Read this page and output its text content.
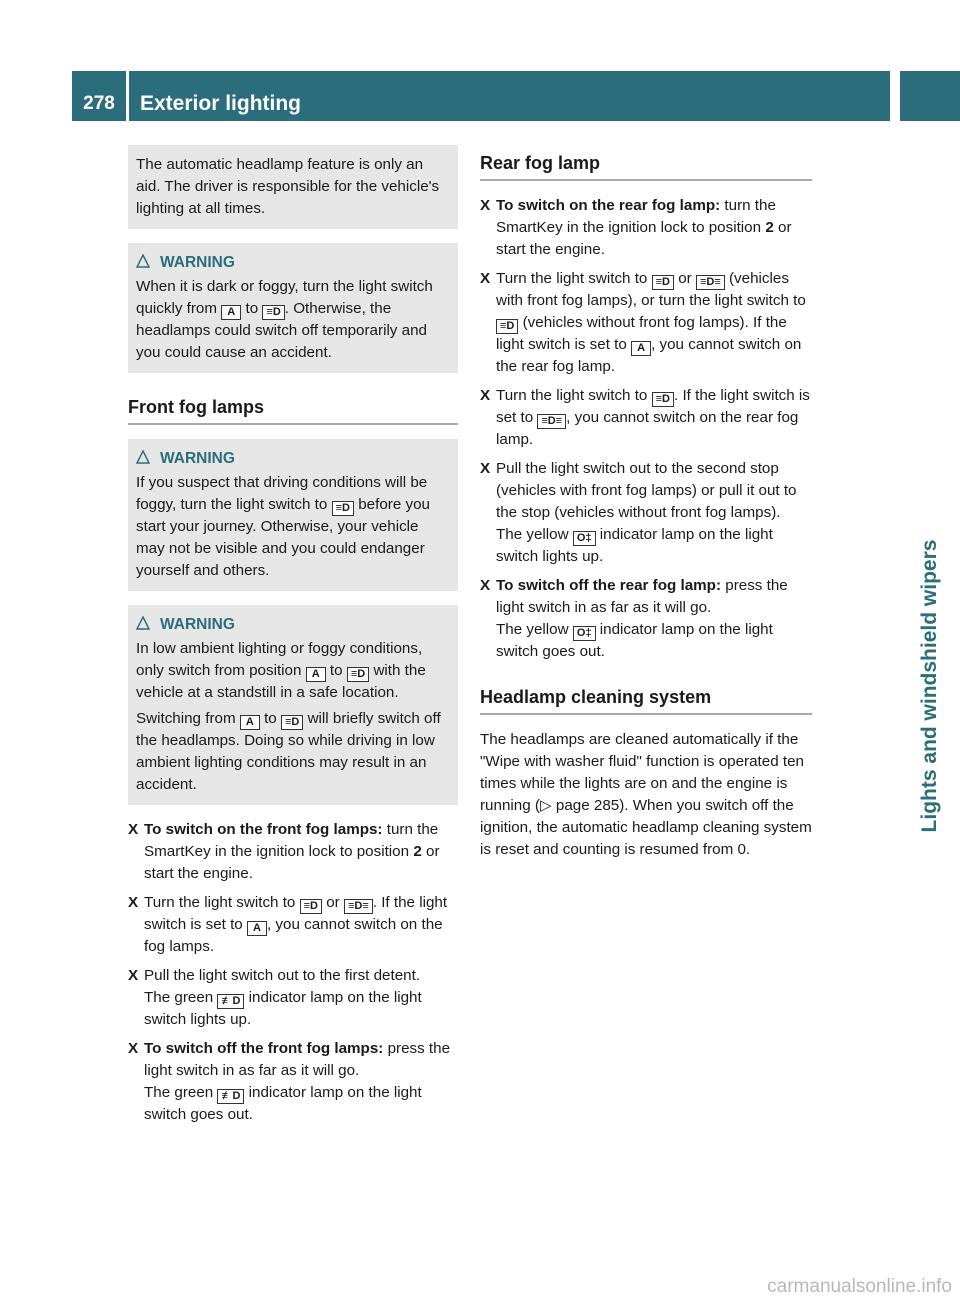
278	Exterior lighting
Lights and windshield wipers

The automatic headlamp feature is only an aid. The driver is responsible for the vehicle's lighting at all times.

WARNING

When it is dark or foggy, turn the light switch quickly from A to ≡D . Otherwise, the headlamps could switch off temporarily and you could cause an accident.

Front fog lamps
WARNING

If you suspect that driving conditions will be foggy, turn the light switch to ≡D before you start your journey. Otherwise, your vehicle may not be visible and you could endanger yourself and others.

WARNING

In low ambient lighting or foggy conditions, only switch from position A to ≡D with the vehicle at a standstill in a safe location.

Switching from A to ≡D will briefly switch off the headlamps. Doing so while driving in low ambient lighting conditions may result in an accident.

X To switch on the front fog lamps: turn the SmartKey in the ignition lock to position 2 or start the engine.
X Turn the light switch to ≡D or ≡D≡ . If the light switch is set to A , you cannot switch on the fog lamps.
X Pull the light switch out to the first detent.
The green ≢D indicator lamp on the light switch lights up.
X To switch off the front fog lamps: press the light switch in as far as it will go.
The green ≢D indicator lamp on the light switch goes out.
Rear fog lamp
X To switch on the rear fog lamp: turn the SmartKey in the ignition lock to position 2 or start the engine.
X Turn the light switch to ≡D or ≡D≡ (vehicles with front fog lamps), or turn the light switch to ≡D (vehicles without front fog lamps). If the light switch is set to A , you cannot switch on the rear fog lamp.
X Turn the light switch to ≡D . If the light switch is set to ≡D≡ , you cannot switch on the rear fog lamp.
X Pull the light switch out to the second stop (vehicles with front fog lamps) or pull it out to the stop (vehicles without front fog lamps).
The yellow O‡ indicator lamp on the light switch lights up.
X To switch off the rear fog lamp: press the light switch in as far as it will go.
The yellow O‡ indicator lamp on the light switch goes out.
Headlamp cleaning system

The headlamps are cleaned automatically if the "Wipe with washer fluid" function is operated ten times while the lights are on and the engine is running (▷ page 285). When you switch off the ignition, the automatic headlamp cleaning system is reset and counting is resumed from 0.

carmanualsonline.info
